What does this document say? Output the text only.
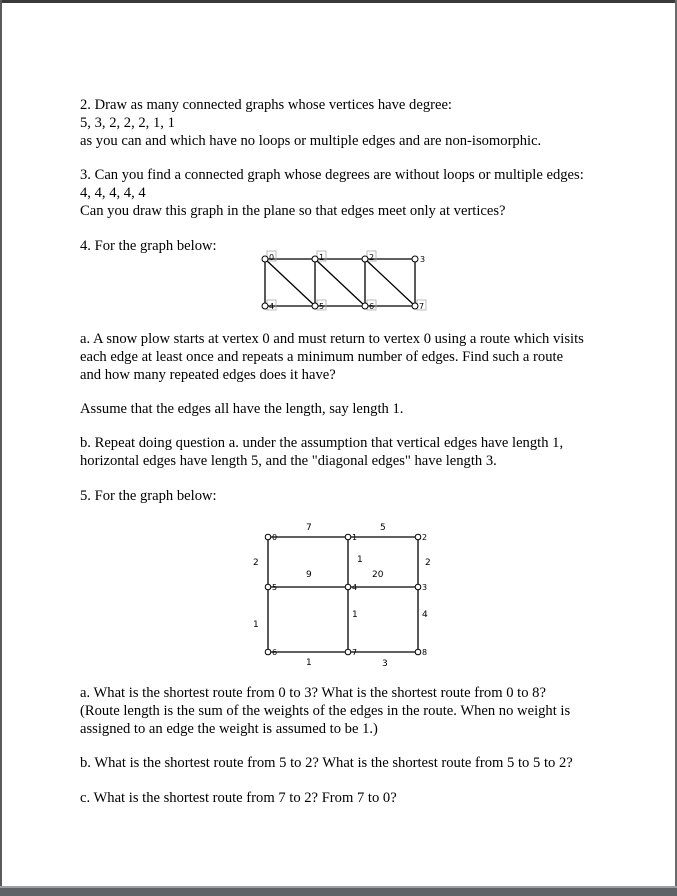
2. Draw as many connected graphs whose vertices have degree:
5, 3, 2, 2, 2, 1, 1
as you can and which have no loops or multiple edges and are non-isomorphic.
3. Can you find a connected graph whose degrees are without loops or multiple edges:
4, 4, 4, 4, 4
Can you draw this graph in the plane so that edges meet only at vertices?
4. For the graph below:
0	1	2	3
4	5	6	7
a. A snow plow starts at vertex 0 and must return to vertex 0 using a route which visits
each edge at least once and repeats a minimum number of edges. Find such a route
and how many repeated edges does it have?
Assume that the edges all have the length, say length 1.
b. Repeat doing question a. under the assumption that vertical edges have length 1,
horizontal edges have length 5, and the "diagonal edges" have length 3.
5. For the graph below:
0	1	2
3
4
5
6	7	8
7	5
2	1	2
9	20
1
1	4
1	3
a. What is the shortest route from 0 to 3? What is the shortest route from 0 to 8?
(Route length is the sum of the weights of the edges in the route. When no weight is
assigned to an edge the weight is assumed to be 1.)
b. What is the shortest route from 5 to 2? What is the shortest route from 5 to 5 to 2?
c. What is the shortest route from 7 to 2? From 7 to 0?
